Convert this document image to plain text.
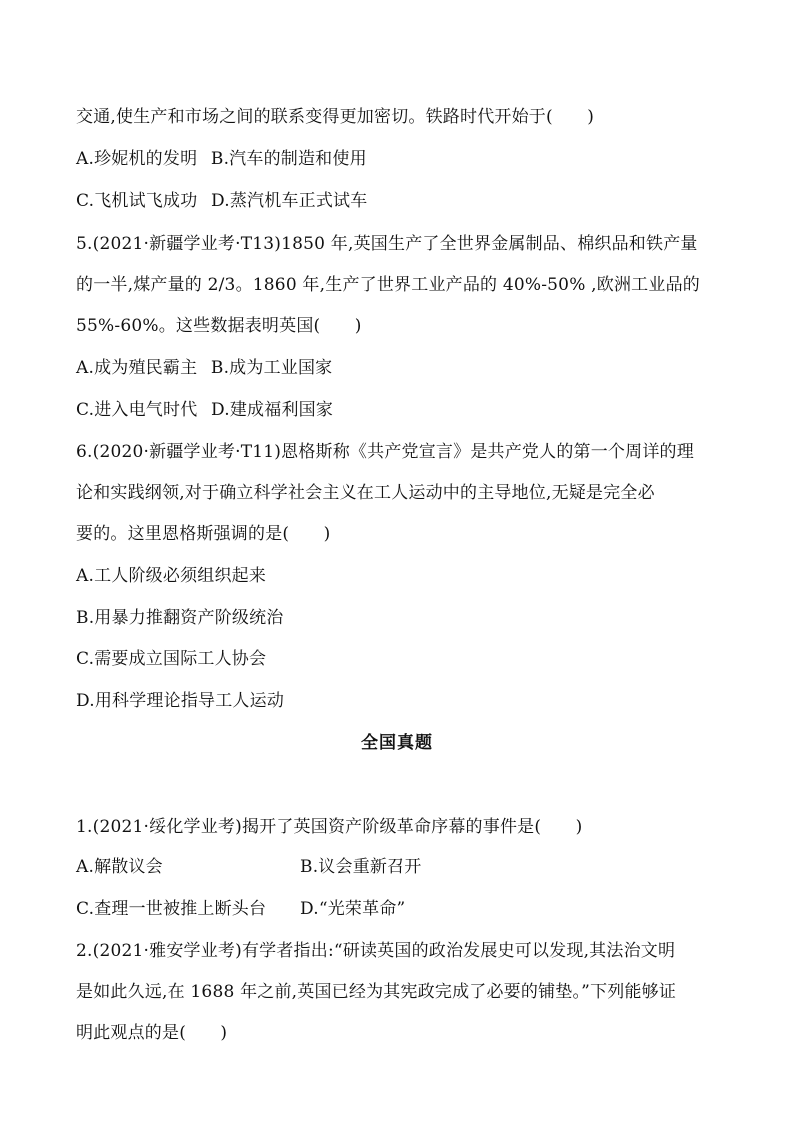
交通,使生产和市场之间的联系变得更加密切。铁路时代开始于(　　)
A.珍妮机的发明 B.汽车的制造和使用
C.飞机试飞成功 D.蒸汽机车正式试车
5.(2021·新疆学业考·T13)1850 年,英国生产了全世界金属制品、棉织品和铁产量
的一半,煤产量的 2/3。1860 年,生产了世界工业产品的 40%-50% ,欧洲工业品的
55%-60%。这些数据表明英国(　　)
A.成为殖民霸主 B.成为工业国家
C.进入电气时代 D.建成福利国家
6.(2020·新疆学业考·T11)恩格斯称《共产党宣言》是共产党人的第一个周详的理
论和实践纲领,对于确立科学社会主义在工人运动中的主导地位,无疑是完全必
要的。这里恩格斯强调的是(　　)
A.工人阶级必须组织起来
B.用暴力推翻资产阶级统治
C.需要成立国际工人协会
D.用科学理论指导工人运动
全国真题
1.(2021·绥化学业考)揭开了英国资产阶级革命序幕的事件是(　　)
A.解散议会	B.议会重新召开
C.查理一世被推上断头台 D.“光荣革命”
2.(2021·雅安学业考)有学者指出:“研读英国的政治发展史可以发现,其法治文明
是如此久远,在 1688 年之前,英国已经为其宪政完成了必要的铺垫。”下列能够证
明此观点的是(　　)
